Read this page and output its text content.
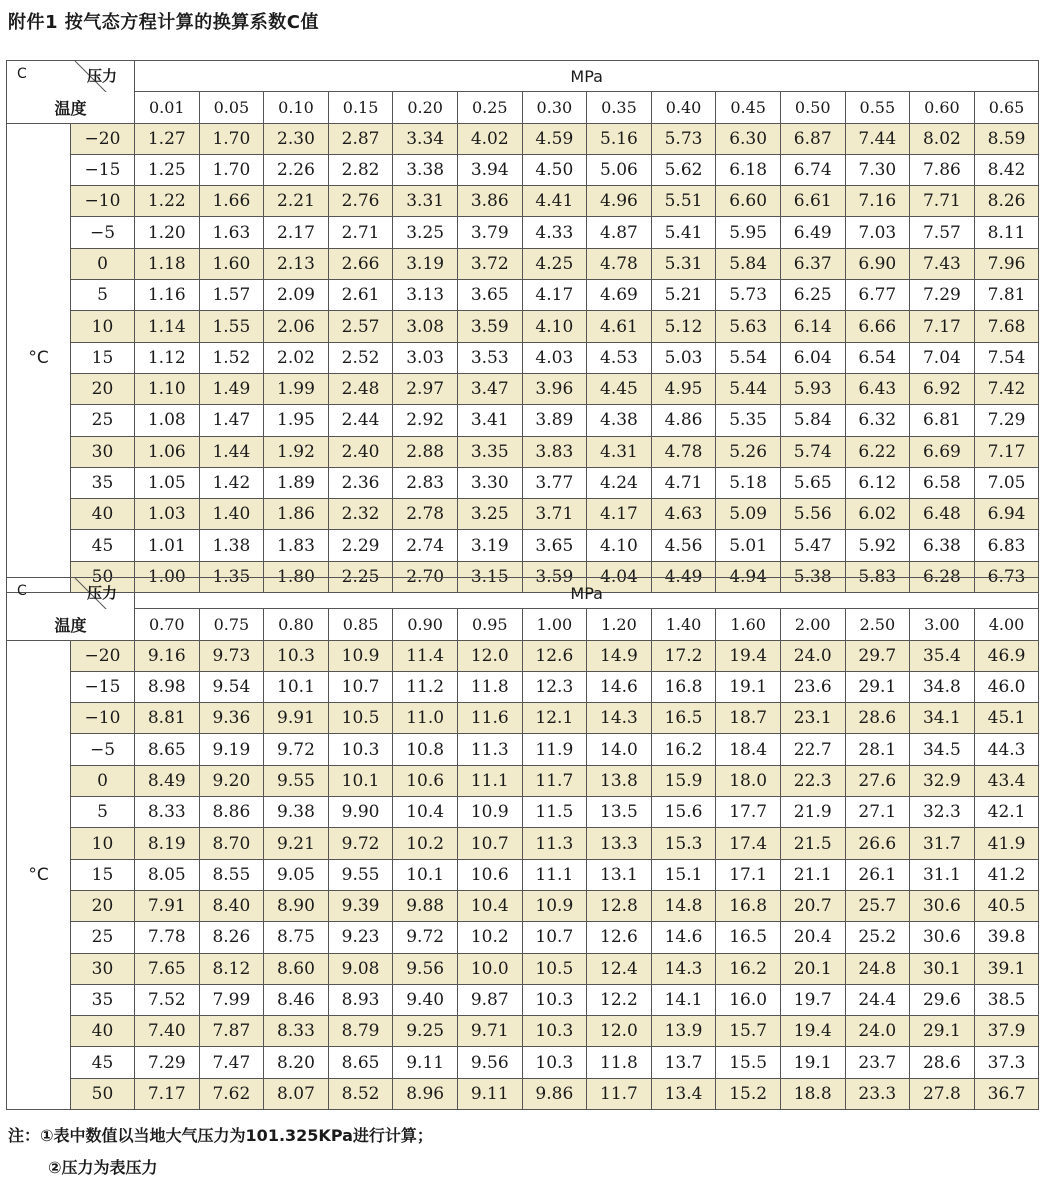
附件1 按气态方程计算的换算系数C值
C 压力		MPa													
温度		0.01	0.05	0.10	0.15	0.20	0.25	0.30	0.35	0.40	0.45	0.50	0.55	0.60	0.65
°C	−20	1.27	1.70	2.30	2.87	3.34	4.02	4.59	5.16	5.73	6.30	6.87	7.44	8.02	8.59
	−15	1.25	1.70	2.26	2.82	3.38	3.94	4.50	5.06	5.62	6.18	6.74	7.30	7.86	8.42
	−10	1.22	1.66	2.21	2.76	3.31	3.86	4.41	4.96	5.51	6.60	6.61	7.16	7.71	8.26
	−5	1.20	1.63	2.17	2.71	3.25	3.79	4.33	4.87	5.41	5.95	6.49	7.03	7.57	8.11
	0	1.18	1.60	2.13	2.66	3.19	3.72	4.25	4.78	5.31	5.84	6.37	6.90	7.43	7.96
	5	1.16	1.57	2.09	2.61	3.13	3.65	4.17	4.69	5.21	5.73	6.25	6.77	7.29	7.81
	10	1.14	1.55	2.06	2.57	3.08	3.59	4.10	4.61	5.12	5.63	6.14	6.66	7.17	7.68
	15	1.12	1.52	2.02	2.52	3.03	3.53	4.03	4.53	5.03	5.54	6.04	6.54	7.04	7.54
	20	1.10	1.49	1.99	2.48	2.97	3.47	3.96	4.45	4.95	5.44	5.93	6.43	6.92	7.42
	25	1.08	1.47	1.95	2.44	2.92	3.41	3.89	4.38	4.86	5.35	5.84	6.32	6.81	7.29
	30	1.06	1.44	1.92	2.40	2.88	3.35	3.83	4.31	4.78	5.26	5.74	6.22	6.69	7.17
	35	1.05	1.42	1.89	2.36	2.83	3.30	3.77	4.24	4.71	5.18	5.65	6.12	6.58	7.05
	40	1.03	1.40	1.86	2.32	2.78	3.25	3.71	4.17	4.63	5.09	5.56	6.02	6.48	6.94
	45	1.01	1.38	1.83	2.29	2.74	3.19	3.65	4.10	4.56	5.01	5.47	5.92	6.38	6.83
	50	1.00	1.35	1.80	2.25	2.70	3.15	3.59	4.04	4.49	4.94	5.38	5.83	6.28	6.73
C 压力		MPa													
温度		0.70	0.75	0.80	0.85	0.90	0.95	1.00	1.20	1.40	1.60	2.00	2.50	3.00	4.00
°C	−20	9.16	9.73	10.3	10.9	11.4	12.0	12.6	14.9	17.2	19.4	24.0	29.7	35.4	46.9
	−15	8.98	9.54	10.1	10.7	11.2	11.8	12.3	14.6	16.8	19.1	23.6	29.1	34.8	46.0
	−10	8.81	9.36	9.91	10.5	11.0	11.6	12.1	14.3	16.5	18.7	23.1	28.6	34.1	45.1
	−5	8.65	9.19	9.72	10.3	10.8	11.3	11.9	14.0	16.2	18.4	22.7	28.1	34.5	44.3
	0	8.49	9.20	9.55	10.1	10.6	11.1	11.7	13.8	15.9	18.0	22.3	27.6	32.9	43.4
	5	8.33	8.86	9.38	9.90	10.4	10.9	11.5	13.5	15.6	17.7	21.9	27.1	32.3	42.1
	10	8.19	8.70	9.21	9.72	10.2	10.7	11.3	13.3	15.3	17.4	21.5	26.6	31.7	41.9
	15	8.05	8.55	9.05	9.55	10.1	10.6	11.1	13.1	15.1	17.1	21.1	26.1	31.1	41.2
	20	7.91	8.40	8.90	9.39	9.88	10.4	10.9	12.8	14.8	16.8	20.7	25.7	30.6	40.5
	25	7.78	8.26	8.75	9.23	9.72	10.2	10.7	12.6	14.6	16.5	20.4	25.2	30.6	39.8
	30	7.65	8.12	8.60	9.08	9.56	10.0	10.5	12.4	14.3	16.2	20.1	24.8	30.1	39.1
	35	7.52	7.99	8.46	8.93	9.40	9.87	10.3	12.2	14.1	16.0	19.7	24.4	29.6	38.5
	40	7.40	7.87	8.33	8.79	9.25	9.71	10.3	12.0	13.9	15.7	19.4	24.0	29.1	37.9
	45	7.29	7.47	8.20	8.65	9.11	9.56	10.3	11.8	13.7	15.5	19.1	23.7	28.6	37.3
	50	7.17	7.62	8.07	8.52	8.96	9.11	9.86	11.7	13.4	15.2	18.8	23.3	27.8	36.7
注：①表中数值以当地大气压力为101.325KPa进行计算；
②压力为表压力
